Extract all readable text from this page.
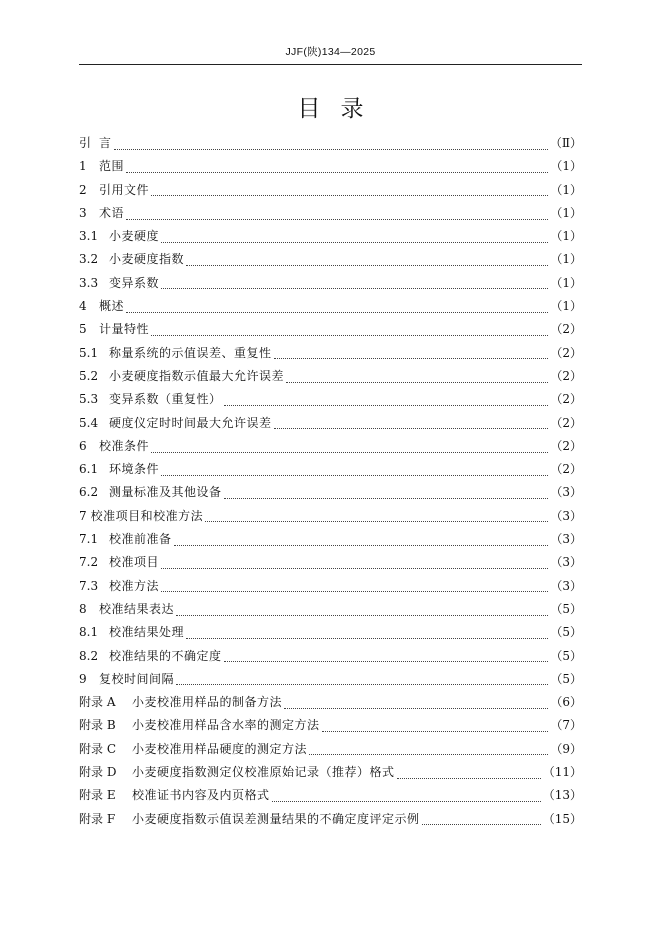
JJF(陕)134—2025
目录
引 言	（Ⅱ）
1	范围	（1）
2	引用文件	（1）
3	术语	（1）
3.1 小麦硬度	（1）
3.2 小麦硬度指数	（1）
3.3 变异系数	（1）
4	概述	（1）
5	计量特性	（2）
5.1 称量系统的示值误差、重复性	（2）
5.2 小麦硬度指数示值最大允许误差	（2）
5.3 变异系数（重复性）	（2）
5.4 硬度仪定时时间最大允许误差	（2）
6	校准条件	（2）
6.1 环境条件	（2）
6.2 测量标准及其他设备	（3）
7 校准项目和校准方法	（3）
7.1 校准前准备	（3）
7.2 校准项目	（3）
7.3 校准方法	（3）
8	校准结果表达	（5）
8.1 校准结果处理	（5）
8.2 校准结果的不确定度	（5）
9	复校时间间隔	（5）
附录 A	小麦校准用样品的制备方法	（6）
附录 B	小麦校准用样品含水率的测定方法	（7）
附录 C	小麦校准用样品硬度的测定方法	（9）
附录 D	小麦硬度指数测定仪校准原始记录（推荐）格式	（11）
附录 E	校准证书内容及内页格式	（13）
附录 F	小麦硬度指数示值误差测量结果的不确定度评定示例	（15）
